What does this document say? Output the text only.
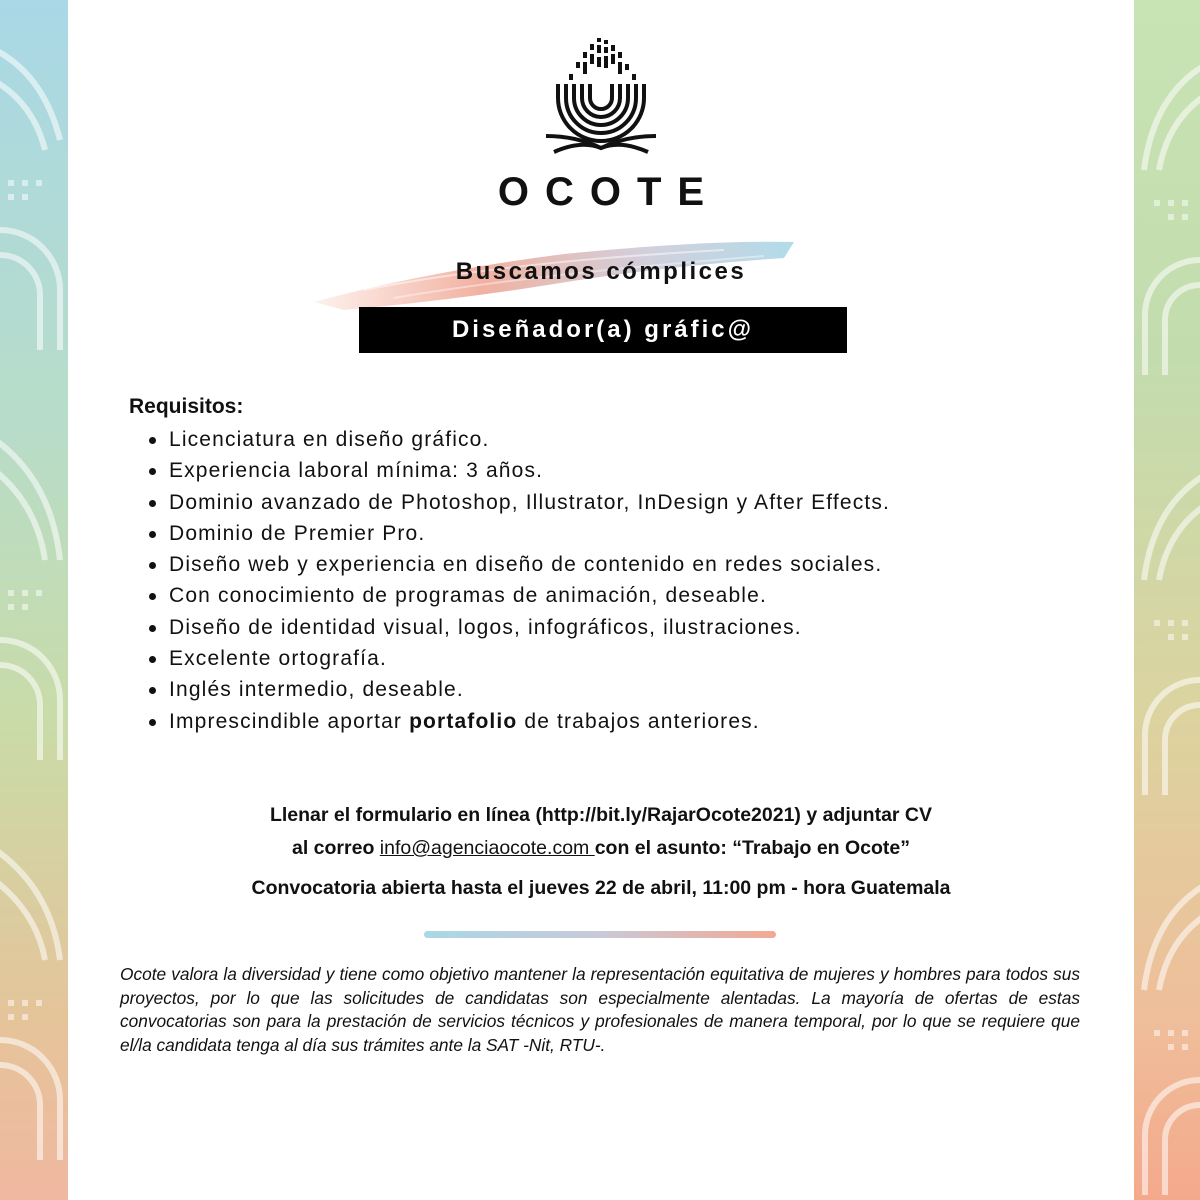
OCOTE
Buscamos cómplices
Diseñador(a) gráfic@
Requisitos:
Licenciatura en diseño gráfico.
Experiencia laboral mínima: 3 años.
Dominio avanzado de Photoshop, Illustrator, InDesign y After Effects.
Dominio de Premier Pro.
Diseño web y experiencia en diseño de contenido en redes sociales.
Con conocimiento de programas de animación, deseable.
Diseño de identidad visual, logos, infográficos, ilustraciones.
Excelente ortografía.
Inglés intermedio, deseable.
Imprescindible aportar portafolio de trabajos anteriores.
Llenar el formulario en línea (http://bit.ly/RajarOcote2021) y adjuntar CV
al correo info@agenciaocote.com con el asunto: “Trabajo en Ocote”
Convocatoria abierta hasta el jueves 22 de abril, 11:00 pm - hora Guatemala

Ocote valora la diversidad y tiene como objetivo mantener la representación equitativa de mujeres y hombres para todos sus proyectos, por lo que las solicitudes de candidatas son especialmente alentadas. La mayoría de ofertas de estas convocatorias son para la prestación de servicios técnicos y profesionales de manera temporal, por lo que se requiere que el/la candidata tenga al día sus trámites ante la SAT -Nit, RTU-.
